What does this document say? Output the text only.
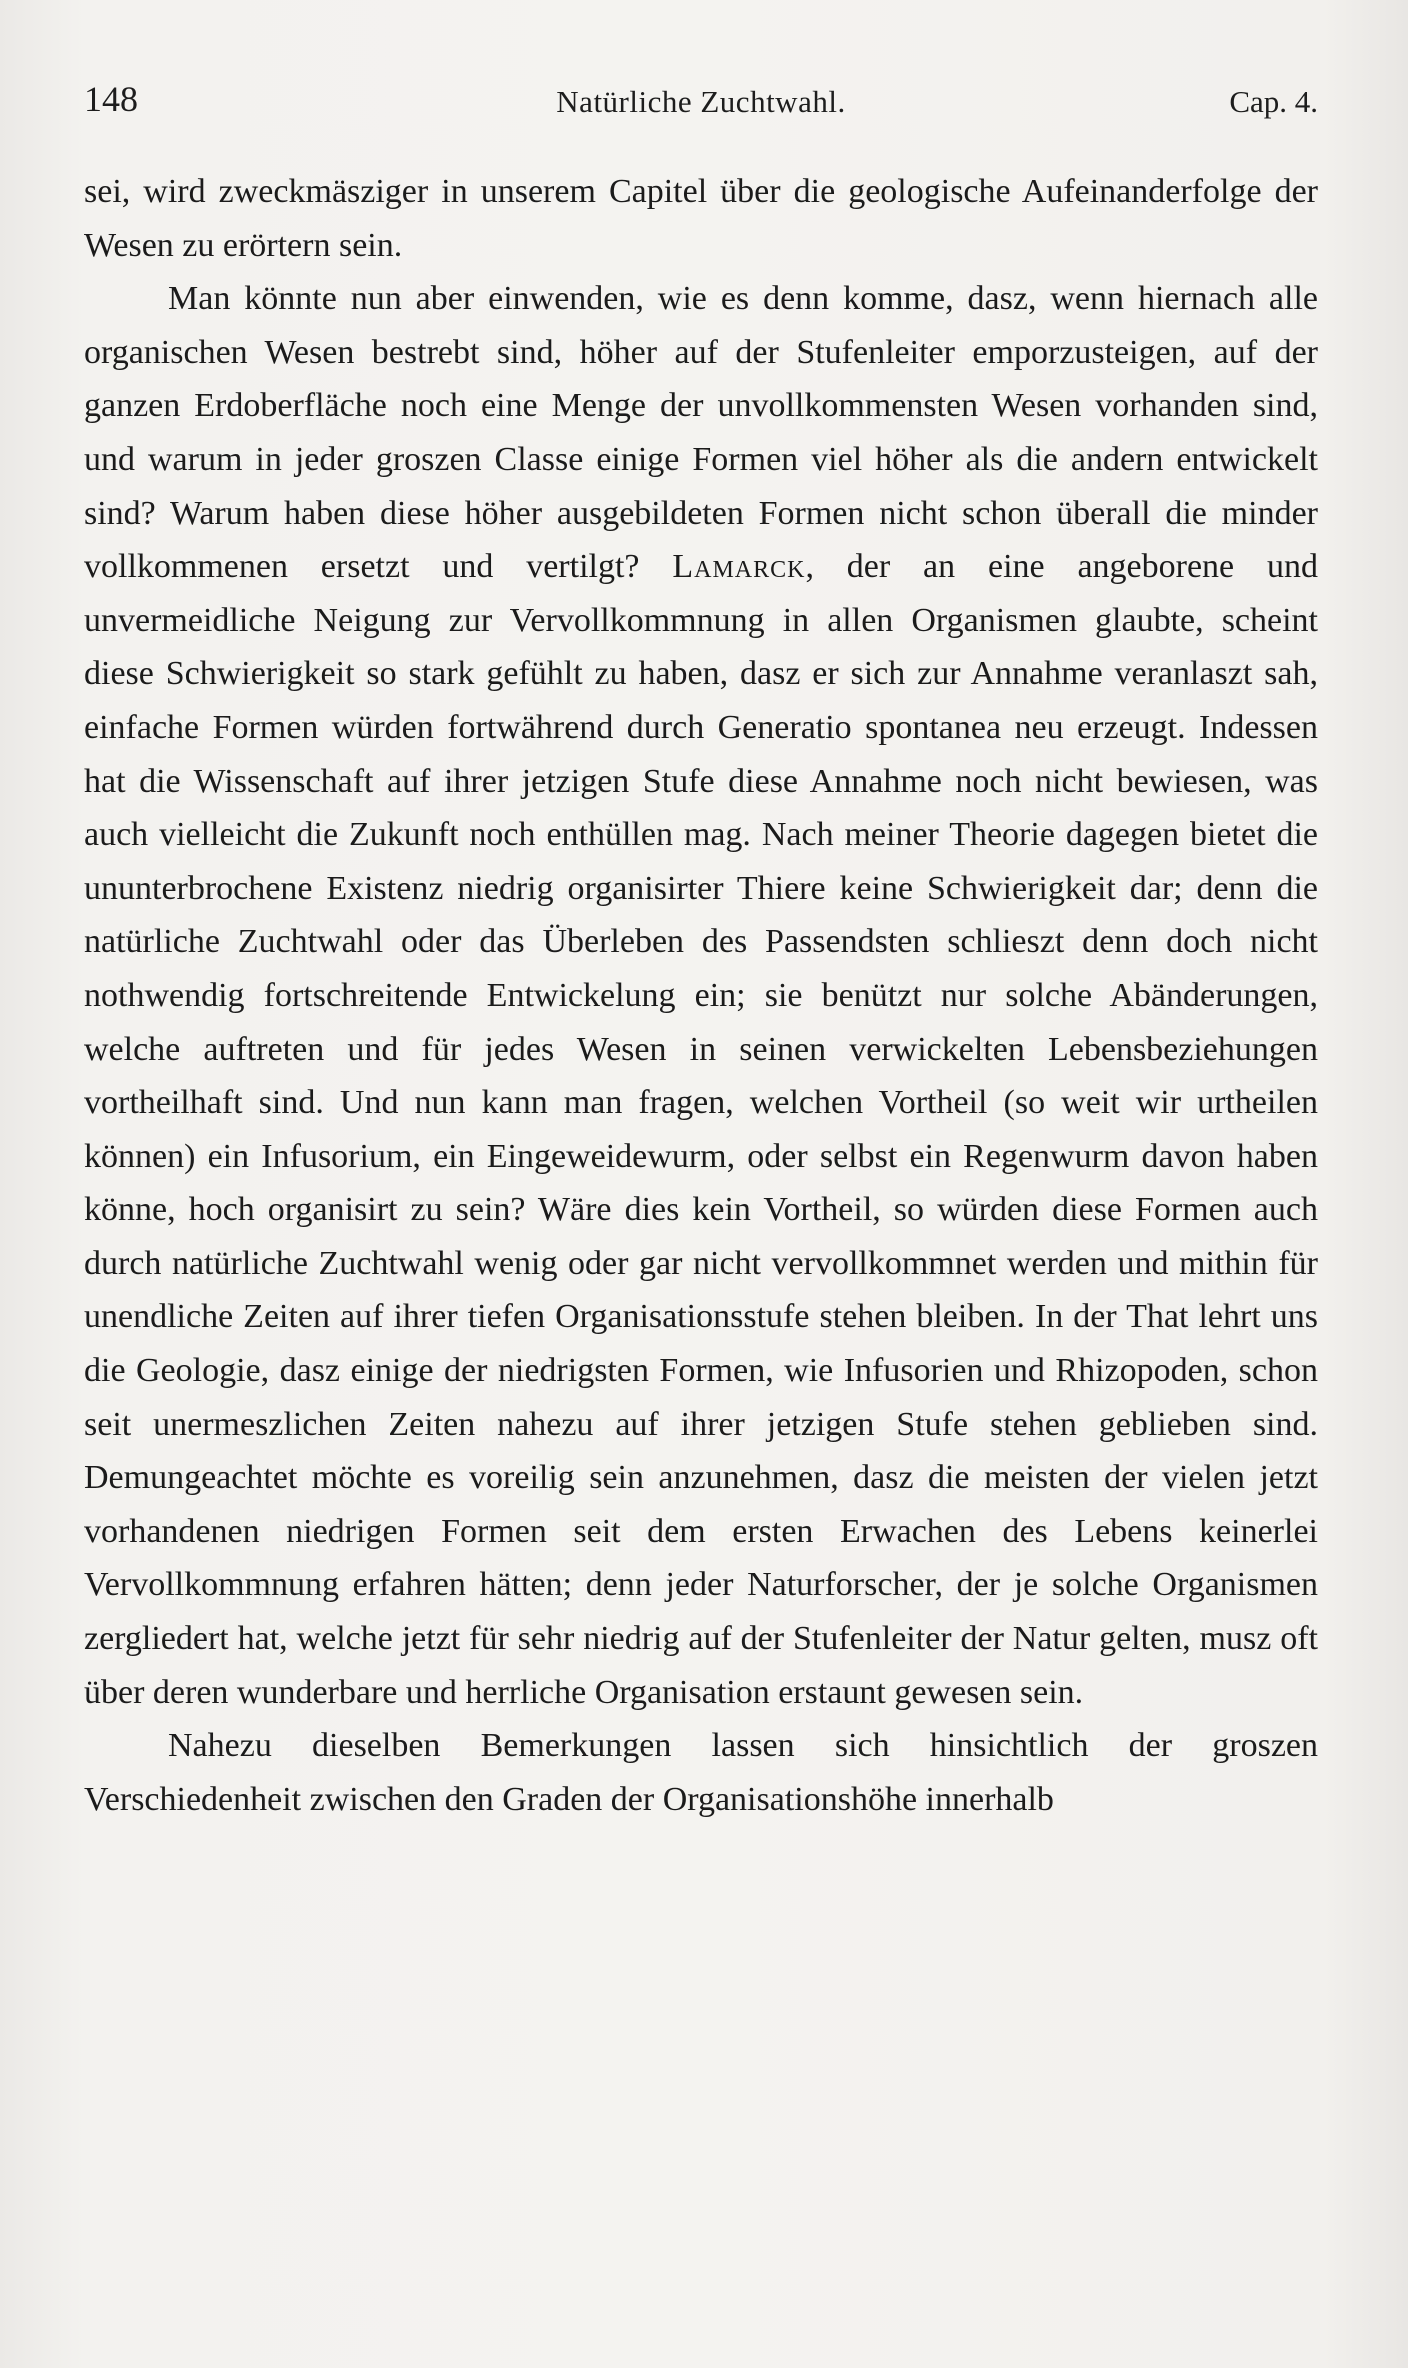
148	Natürliche Zuchtwahl.	Cap. 4.

sei, wird zweckmäsziger in unserem Capitel über die geologische Aufeinanderfolge der Wesen zu erörtern sein.

Man könnte nun aber einwenden, wie es denn komme, dasz, wenn hiernach alle organischen Wesen bestrebt sind, höher auf der Stufenleiter emporzusteigen, auf der ganzen Erdoberfläche noch eine Menge der unvollkommensten Wesen vorhanden sind, und warum in jeder groszen Classe einige Formen viel höher als die andern entwickelt sind? Warum haben diese höher ausgebildeten Formen nicht schon überall die minder vollkommenen ersetzt und vertilgt? Lamarck, der an eine angeborene und unvermeidliche Neigung zur Vervollkommnung in allen Organismen glaubte, scheint diese Schwierigkeit so stark gefühlt zu haben, dasz er sich zur Annahme veranlaszt sah, einfache Formen würden fortwährend durch Generatio spontanea neu erzeugt. Indessen hat die Wissenschaft auf ihrer jetzigen Stufe diese Annahme noch nicht bewiesen, was auch vielleicht die Zukunft noch enthüllen mag. Nach meiner Theorie dagegen bietet die ununterbrochene Existenz niedrig organisirter Thiere keine Schwierigkeit dar; denn die natürliche Zuchtwahl oder das Überleben des Passendsten schlieszt denn doch nicht nothwendig fortschreitende Entwickelung ein; sie benützt nur solche Abänderungen, welche auftreten und für jedes Wesen in seinen verwickelten Lebensbeziehungen vortheilhaft sind. Und nun kann man fragen, welchen Vortheil (so weit wir urtheilen können) ein Infusorium, ein Eingeweidewurm, oder selbst ein Regenwurm davon haben könne, hoch organisirt zu sein? Wäre dies kein Vortheil, so würden diese Formen auch durch natürliche Zuchtwahl wenig oder gar nicht vervollkommnet werden und mithin für unendliche Zeiten auf ihrer tiefen Organisationsstufe stehen bleiben. In der That lehrt uns die Geologie, dasz einige der niedrigsten Formen, wie Infusorien und Rhizopoden, schon seit unermeszlichen Zeiten nahezu auf ihrer jetzigen Stufe stehen geblieben sind. Demungeachtet möchte es voreilig sein anzunehmen, dasz die meisten der vielen jetzt vorhandenen niedrigen Formen seit dem ersten Erwachen des Lebens keinerlei Vervollkommnung erfahren hätten; denn jeder Naturforscher, der je solche Organismen zergliedert hat, welche jetzt für sehr niedrig auf der Stufenleiter der Natur gelten, musz oft über deren wunderbare und herrliche Organisation erstaunt gewesen sein.

Nahezu dieselben Bemerkungen lassen sich hinsichtlich der groszen Verschiedenheit zwischen den Graden der Organisationshöhe innerhalb
